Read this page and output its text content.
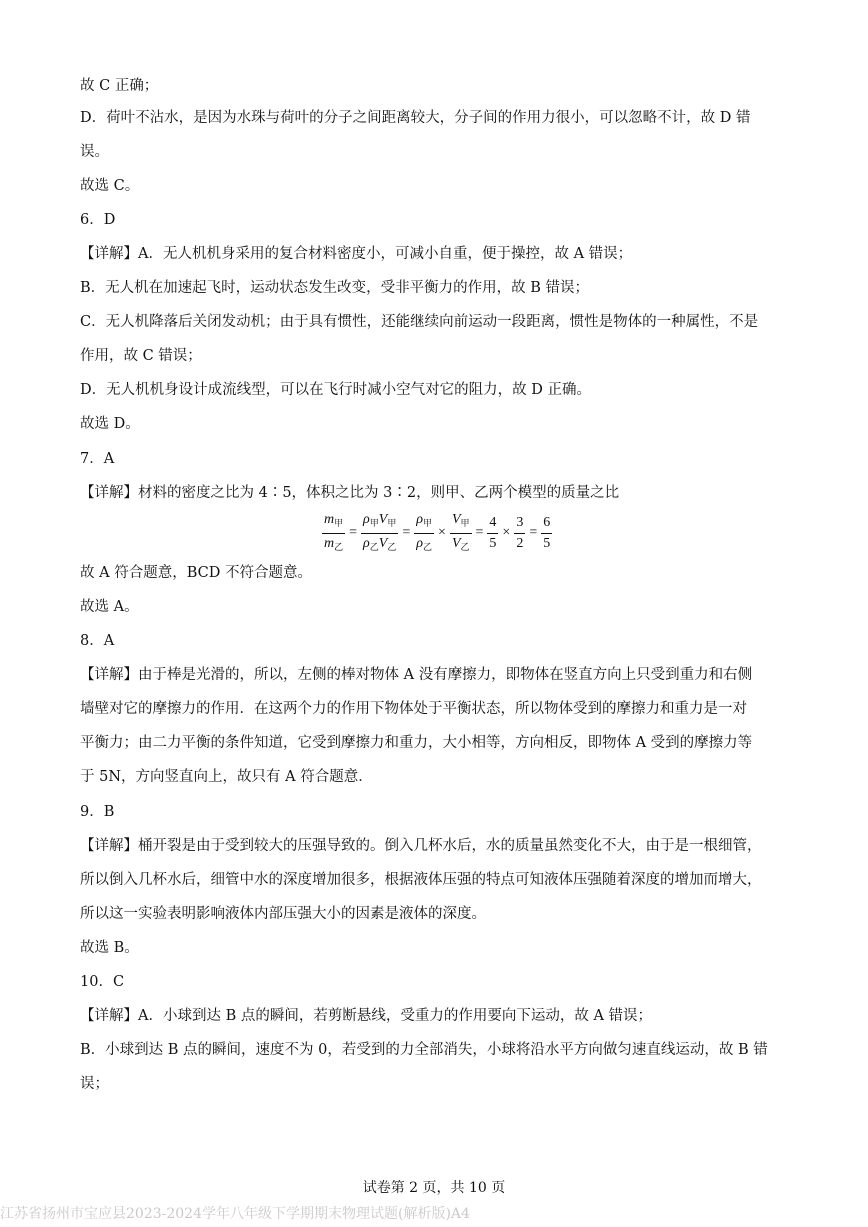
故 C 正确；
D．荷叶不沾水，是因为水珠与荷叶的分子之间距离较大，分子间的作用力很小，可以忽略不计，故 D 错
误。
故选 C。
6．D
【详解】A．无人机机身采用的复合材料密度小，可减小自重，便于操控，故 A 错误；
B．无人机在加速起飞时，运动状态发生改变，受非平衡力的作用，故 B 错误；
C．无人机降落后关闭发动机；由于具有惯性，还能继续向前运动一段距离，惯性是物体的一种属性，不是
作用，故 C 错误；
D．无人机机身设计成流线型，可以在飞行时减小空气对它的阻力，故 D 正确。
故选 D。
7．A
【详解】材料的密度之比为 4∶5，体积之比为 3∶2，则甲、乙两个模型的质量之比
$\frac{m_甲}{m_乙} = \frac{\rho_甲V_甲}{\rho_乙V_乙} = \frac{\rho_甲}{\rho_乙} \times \frac{V_甲}{V_乙} = \frac{4}{5} \times \frac{3}{2} = \frac{6}{5}$
故 A 符合题意，BCD 不符合题意。
故选 A。
8．A
【详解】由于棒是光滑的，所以，左侧的棒对物体 A 没有摩擦力，即物体在竖直方向上只受到重力和右侧
墙壁对它的摩擦力的作用．在这两个力的作用下物体处于平衡状态，所以物体受到的摩擦力和重力是一对
平衡力；由二力平衡的条件知道，它受到摩擦力和重力，大小相等，方向相反，即物体 A 受到的摩擦力等
于 5N，方向竖直向上，故只有 A 符合题意．
9．B
【详解】桶开裂是由于受到较大的压强导致的。倒入几杯水后，水的质量虽然变化不大，由于是一根细管，
所以倒入几杯水后，细管中水的深度增加很多，根据液体压强的特点可知液体压强随着深度的增加而增大，
所以这一实验表明影响液体内部压强大小的因素是液体的深度。
故选 B。
10．C
【详解】A．小球到达 B 点的瞬间，若剪断悬线，受重力的作用要向下运动，故 A 错误；
B．小球到达 B 点的瞬间，速度不为 0，若受到的力全部消失，小球将沿水平方向做匀速直线运动，故 B 错
误；
试卷第 2 页，共 10 页
江苏省扬州市宝应县2023-2024学年八年级下学期期末物理试题(解析版)A4
